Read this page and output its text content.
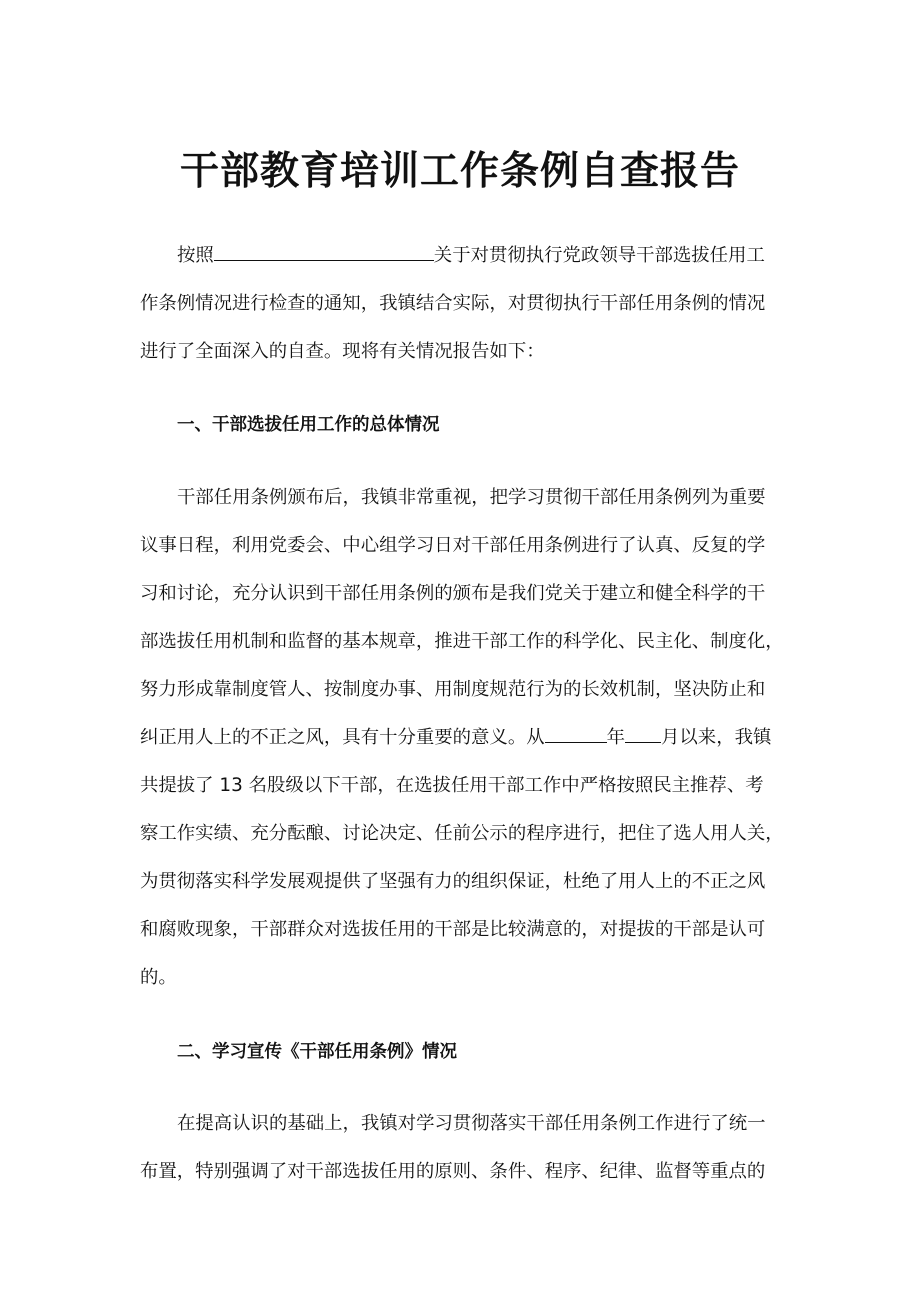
干部教育培训工作条例自查报告
按照	关于对贯彻执行党政领导干部选拔任用工
作条例情况进行检查的通知，我镇结合实际，对贯彻执行干部任用条例的情况
进行了全面深入的自查。现将有关情况报告如下：
一、干部选拔任用工作的总体情况
干部任用条例颁布后，我镇非常重视，把学习贯彻干部任用条例列为重要
议事日程，利用党委会、中心组学习日对干部任用条例进行了认真、反复的学
习和讨论，充分认识到干部任用条例的颁布是我们党关于建立和健全科学的干
部选拔任用机制和监督的基本规章，推进干部工作的科学化、民主化、制度化，
努力形成靠制度管人、按制度办事、用制度规范行为的长效机制，坚决防止和
纠正用人上的不正之风，具有十分重要的意义。从	年 月以来，我镇
共提拔了 13 名股级以下干部，在选拔任用干部工作中严格按照民主推荐、考
察工作实绩、充分酝酿、讨论决定、任前公示的程序进行，把住了选人用人关，
为贯彻落实科学发展观提供了坚强有力的组织保证，杜绝了用人上的不正之风
和腐败现象，干部群众对选拔任用的干部是比较满意的，对提拔的干部是认可
的。
二、学习宣传《干部任用条例》情况
在提高认识的基础上，我镇对学习贯彻落实干部任用条例工作进行了统一
布置，特别强调了对干部选拔任用的原则、条件、程序、纪律、监督等重点的
